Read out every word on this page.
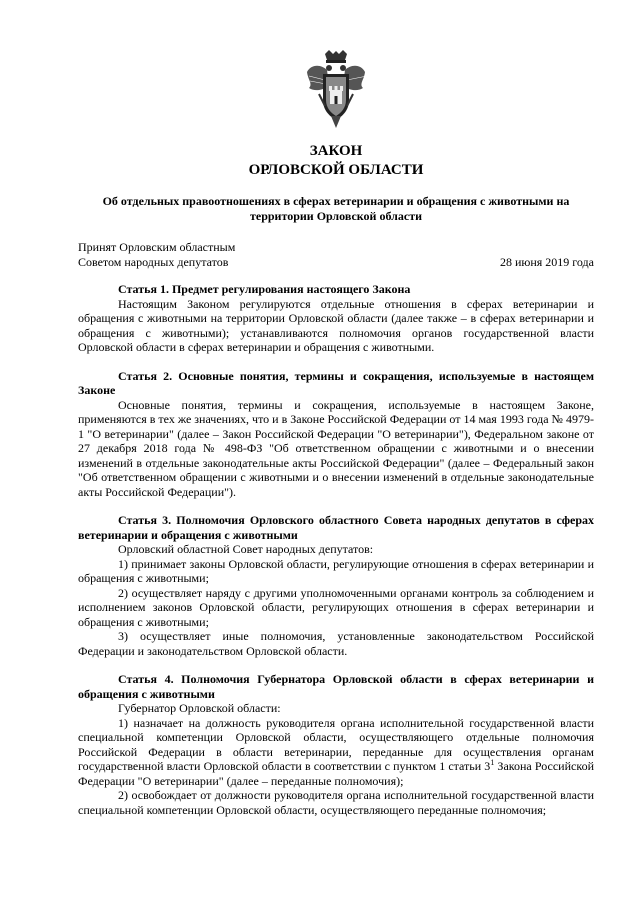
ЗАКОН
ОРЛОВСКОЙ ОБЛАСТИ
Об отдельных правоотношениях в сферах ветеринарии и обращения с животными на территории Орловской области
Принят Орловским областным
Советом народных депутатов	28 июня 2019 года
Статья 1. Предмет регулирования настоящего Закона
Настоящим Законом регулируются отдельные отношения в сферах ветеринарии и обращения с животными на территории Орловской области (далее также – в сферах ветеринарии и обращения с животными); устанавливаются полномочия органов государственной власти Орловской области в сферах ветеринарии и обращения с животными.
Статья 2. Основные понятия, термины и сокращения, используемые в настоящем Законе
Основные понятия, термины и сокращения, используемые в настоящем Законе, применяются в тех же значениях, что и в Законе Российской Федерации от 14 мая 1993 года № 4979-1 "О ветеринарии" (далее – Закон Российской Федерации "О ветеринарии"), Федеральном законе от 27 декабря 2018 года № 498-ФЗ "Об ответственном обращении с животными и о внесении изменений в отдельные законодательные акты Российской Федерации" (далее – Федеральный закон "Об ответственном обращении с животными и о внесении изменений в отдельные законодательные акты Российской Федерации").
Статья 3. Полномочия Орловского областного Совета народных депутатов в сферах ветеринарии и обращения с животными
Орловский областной Совет народных депутатов:
1) принимает законы Орловской области, регулирующие отношения в сферах ветеринарии и обращения с животными;
2) осуществляет наряду с другими уполномоченными органами контроль за соблюдением и исполнением законов Орловской области, регулирующих отношения в сферах ветеринарии и обращения с животными;
3) осуществляет иные полномочия, установленные законодательством Российской Федерации и законодательством Орловской области.
Статья 4. Полномочия Губернатора Орловской области в сферах ветеринарии и обращения с животными
Губернатор Орловской области:
1) назначает на должность руководителя органа исполнительной государственной власти специальной компетенции Орловской области, осуществляющего отдельные полномочия Российской Федерации в области ветеринарии, переданные для осуществления органам государственной власти Орловской области в соответствии с пунктом 1 статьи $3^1$ Закона Российской Федерации "О ветеринарии" (далее – переданные полномочия);
2) освобождает от должности руководителя органа исполнительной государственной власти специальной компетенции Орловской области, осуществляющего переданные полномочия;
